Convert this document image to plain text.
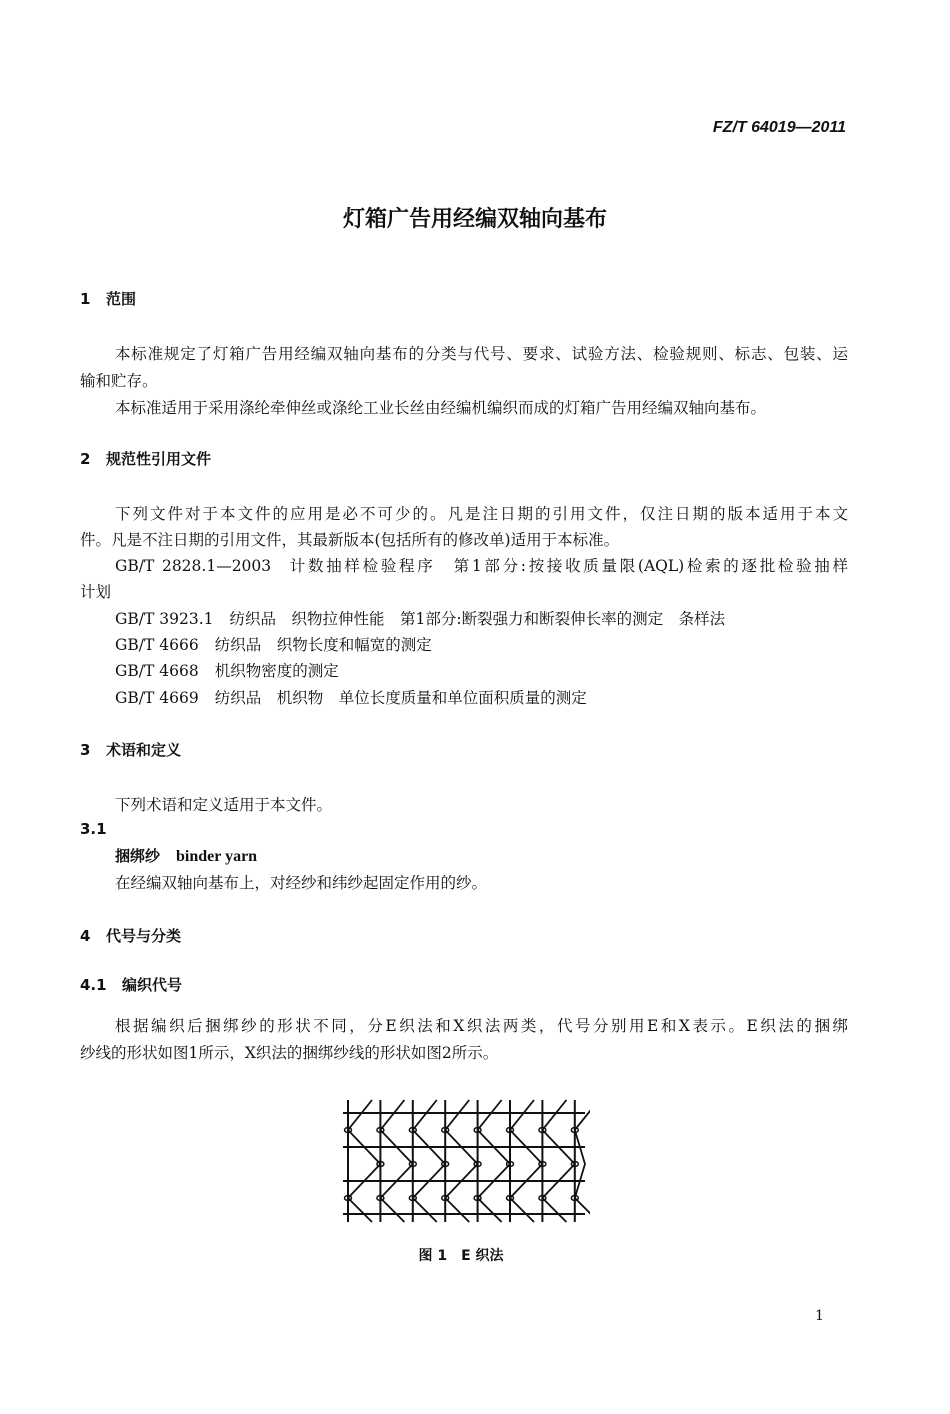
FZ/T 64019—2011
灯箱广告用经编双轴向基布
1 范围
本标准规定了灯箱广告用经编双轴向基布的分类与代号、要求、试验方法、检验规则、标志、包装、运
输和贮存。
本标准适用于采用涤纶牵伸丝或涤纶工业长丝由经编机编织而成的灯箱广告用经编双轴向基布。
2 规范性引用文件
下列文件对于本文件的应用是必不可少的。凡是注日期的引用文件，仅注日期的版本适用于本文
件。凡是不注日期的引用文件，其最新版本(包括所有的修改单)适用于本标准。
GB/T 2828.1—2003 计数抽样检验程序　第1部分:按接收质量限(AQL)检索的逐批检验抽样
计划
GB/T 3923.1 纺织品　织物拉伸性能　第1部分:断裂强力和断裂伸长率的测定　条样法
GB/T 4666 纺织品　织物长度和幅宽的测定
GB/T 4668 机织物密度的测定
GB/T 4669 纺织品　机织物　单位长度质量和单位面积质量的测定
3 术语和定义
下列术语和定义适用于本文件。
3.1
捆绑纱 binder yarn
在经编双轴向基布上，对经纱和纬纱起固定作用的纱。
4 代号与分类
4.1 编织代号
根据编织后捆绑纱的形状不同，分E织法和X织法两类，代号分别用E和X表示。E织法的捆绑
纱线的形状如图1所示，X织法的捆绑纱线的形状如图2所示。
图 1　E 织法
1
